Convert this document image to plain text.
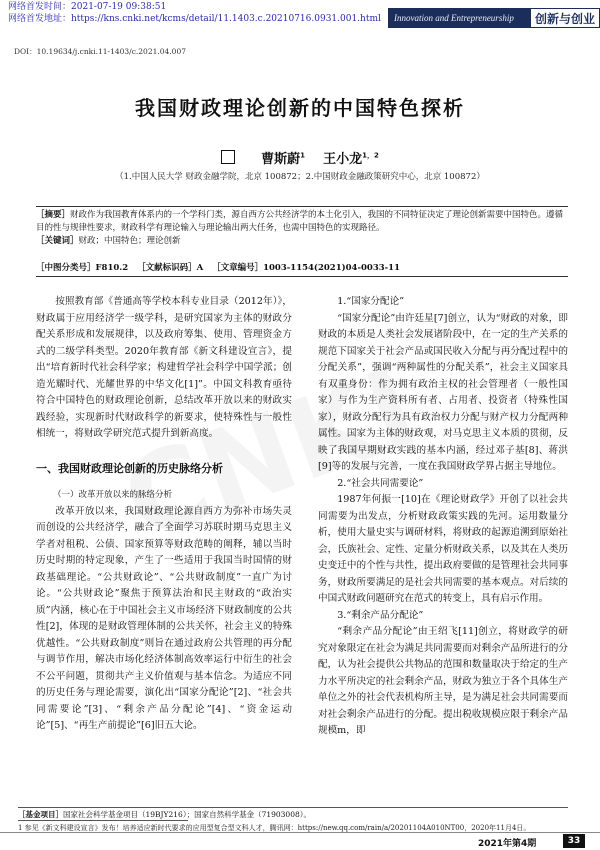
网络首发时间：2021-07-19 09:38:51
网络首发地址：https://kns.cnki.net/kcms/detail/11.1403.c.20210716.0931.001.html	Innovation and Entrepreneurship	创新与创业
DOI：10.19634/j.cnki.11-1403/c.2021.04.007
我国财政理论创新的中国特色探析
曹斯蔚$^1$ 王小龙$^{1,2}$
（1.中国人民大学 财政金融学院，北京 100872；2.中国财政金融政策研究中心，北京 100872）
［摘要］财政作为我国教育体系内的一个学科门类，源自西方公共经济学的本土化引入，我国的不同特征决定了理论创新需要中国特色。遵循目的性与规律性要求，财政科学有理论输入与理论输出两大任务，也需中国特色的实现路径。
［关键词］财政；中国特色；理论创新
［中图分类号］F810.2 ［文献标识码］A ［文章编号］1003-1154(2021)04-0033-11

按照教育部《普通高等学校本科专业目录（2012年）》，财政属于应用经济学一级学科，是研究国家为主体的财政分配关系形成和发展规律，以及政府筹集、使用、管理资金方式的二级学科类型。2020年教育部《新文科建设宣言》，提出“培育新时代社会科学家；构建哲学社会科学中国学派；创造光耀时代、光耀世界的中华文化[1]”。中国文科教育亟待符合中国特色的财政理论创新，总结改革开放以来的财政实践经验，实现新时代财政科学的新要求，使特殊性与一般性相统一，将财政学研究范式提升到新高度。

一、我国财政理论创新的历史脉络分析

（一）改革开放以来的脉络分析

改革开放以来，我国财政理论源自西方为弥补市场失灵而创设的公共经济学，融合了全面学习苏联时期马克思主义学者对租税、公债、国家预算等财政范畴的阐释，辅以当时历史时期的特定现象，产生了一些适用于我国当时国情的财政基础理论。“公共财政论”、“公共财政制度”一直广为讨论。“公共财政论”聚焦于预算法治和民主财政的“政治实质”内涵，核心在于中国社会主义市场经济下财政制度的公共性[2]，体现的是财政管理体制的公共关怀，社会主义的特殊优越性。“公共财政制度”则旨在通过政府公共管理的再分配与调节作用，解决市场化经济体制高效率运行中衍生的社会不公平问题，贯彻共产主义价值观与基本信念。为适应不同的历史任务与理论需要，演化出“国家分配论”[2]、“社会共同需要论”[3]、“剩余产品分配论”[4]、“资金运动论”[5]、“再生产前提论”[6]旧五大论。

1.“国家分配论”

“国家分配论”由许廷星[7]创立，认为“财政的对象，即财政的本质是人类社会发展诸阶段中，在一定的生产关系的规范下国家关于社会产品或国民收入分配与再分配过程中的分配关系”，强调“两种属性的分配关系”，社会主义国家具有双重身份：作为拥有政治主权的社会管理者（一般性国家）与作为生产资料所有者、占用者、投资者（特殊性国家），财政分配行为具有政治权力分配与财产权力分配两种属性。国家为主体的财政观，对马克思主义本质的贯彻，反映了我国早期财政实践的基本内涵，经过邓子基[8]、蒋洪[9]等的发展与完善，一度在我国财政学界占据主导地位。

2.“社会共同需要论”

1987年何振一[10]在《理论财政学》开创了以社会共同需要为出发点，分析财政政策实践的先河。运用数量分析，使用大量史实与调研材料，将财政的起源追溯到原始社会，氏族社会、定性、定量分析财政关系，以及其在人类历史变迁中的个性与共性，提出政府要做的是管理社会共同事务，财政所要满足的是社会共同需要的基本观点。对后续的中国式财政问题研究在范式的转变上，具有启示作用。

3.“剩余产品分配论”

“剩余产品分配论”由王绍飞[11]创立，将财政学的研究对象限定在社会为满足共同需要而对剩余产品所进行的分配，认为社会提供公共物品的范围和数量取决于给定的生产力水平所决定的社会剩余产品，财政为独立于各个具体生产单位之外的社会代表机构所主导，是为满足社会共同需要而对社会剩余产品进行的分配。提出税收规模应限于剩余产品规模m，即

［基金项目］国家社会科学基金项目（19BJY216）；国家自然科学基金（71903008）。
1 参见《新文科建设宣言》发布！培养适应新时代要求的应用型复合型文科人才，腾讯网：https://new.qq.com/rain/a/20201104A010NT00，2020年11月4日。
2021年第4期	33
